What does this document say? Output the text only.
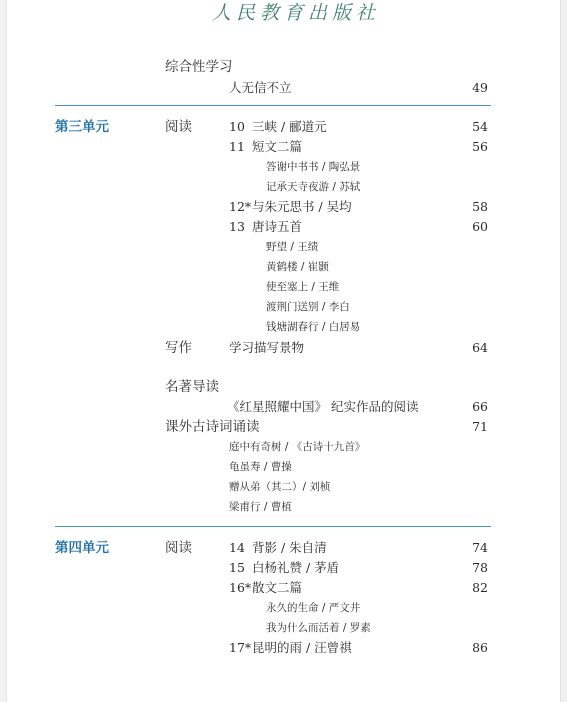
人民教育出版社
综合性学习
人无信不立	49
第三单元	阅读	10 三峡 / 郦道元	54
11 短文二篇	56
答谢中书书 / 陶弘景
记承天寺夜游 / 苏轼
12* 与朱元思书 / 吴均	58
13 唐诗五首	60
野望 / 王绩
黄鹤楼 / 崔颢
使至塞上 / 王维
渡荆门送别 / 李白
钱塘湖春行 / 白居易
写作	学习描写景物	64
名著导读
《红星照耀中国》 纪实作品的阅读	66
课外古诗词诵读	71
庭中有奇树 / 《古诗十九首》
龟虽寿 / 曹操
赠从弟（其二）/ 刘桢
梁甫行 / 曹植
第四单元	阅读	14 背影 / 朱自清	74
15 白杨礼赞 / 茅盾	78
16* 散文二篇	82
永久的生命 / 严文井
我为什么而活着 / 罗素
17* 昆明的雨 / 汪曾祺	86
